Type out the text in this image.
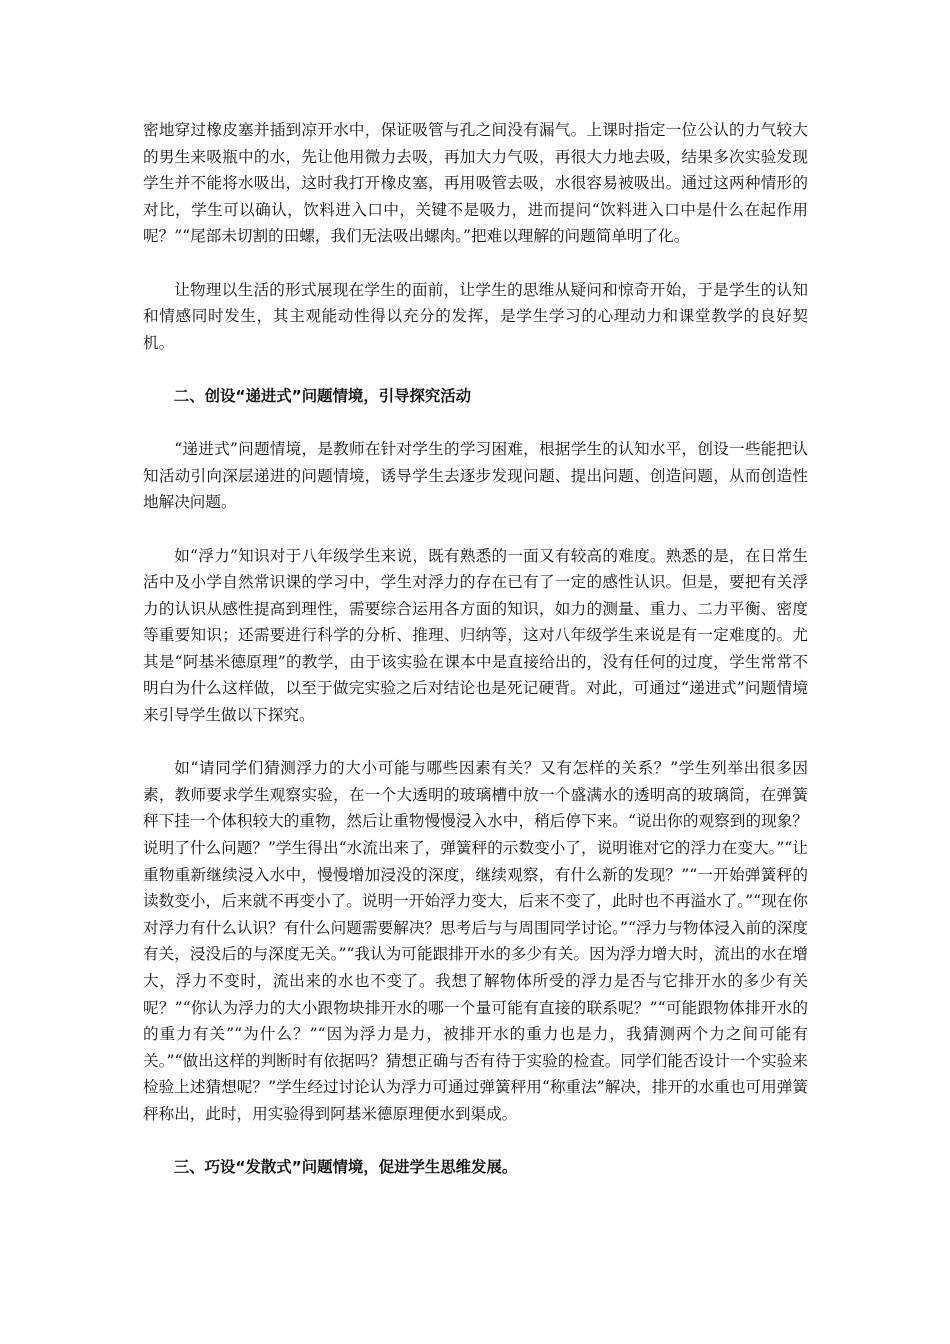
密地穿过橡皮塞并插到凉开水中，保证吸管与孔之间没有漏气。上课时指定一位公认的力气较大的男生来吸瓶中的水，先让他用微力去吸，再加大力气吸，再很大力地去吸，结果多次实验发现学生并不能将水吸出，这时我打开橡皮塞，再用吸管去吸，水很容易被吸出。通过这两种情形的对比，学生可以确认，饮料进入口中，关键不是吸力，进而提问“饮料进入口中是什么在起作用呢？”“尾部未切割的田螺，我们无法吸出螺肉。”把难以理解的问题简单明了化。

让物理以生活的形式展现在学生的面前，让学生的思维从疑问和惊奇开始，于是学生的认知和情感同时发生，其主观能动性得以充分的发挥，是学生学习的心理动力和课堂教学的良好契机。

二、创设“递进式”问题情境，引导探究活动

“递进式”问题情境，是教师在针对学生的学习困难，根据学生的认知水平，创设一些能把认知活动引向深层递进的问题情境，诱导学生去逐步发现问题、提出问题、创造问题，从而创造性地解决问题。

如“浮力”知识对于八年级学生来说，既有熟悉的一面又有较高的难度。熟悉的是，在日常生活中及小学自然常识课的学习中，学生对浮力的存在已有了一定的感性认识。但是，要把有关浮力的认识从感性提高到理性，需要综合运用各方面的知识，如力的测量、重力、二力平衡、密度等重要知识；还需要进行科学的分析、推理、归纳等，这对八年级学生来说是有一定难度的。尤其是“阿基米德原理”的教学，由于该实验在课本中是直接给出的，没有任何的过度，学生常常不明白为什么这样做，以至于做完实验之后对结论也是死记硬背。对此，可通过“递进式”问题情境来引导学生做以下探究。

如“请同学们猜测浮力的大小可能与哪些因素有关？又有怎样的关系？”学生列举出很多因素，教师要求学生观察实验，在一个大透明的玻璃槽中放一个盛满水的透明高的玻璃筒，在弹簧秤下挂一个体积较大的重物，然后让重物慢慢浸入水中，稍后停下来。“说出你的观察到的现象？说明了什么问题？”学生得出“水流出来了，弹簧秤的示数变小了，说明谁对它的浮力在变大。”“让重物重新继续浸入水中，慢慢增加浸没的深度，继续观察，有什么新的发现？”“一开始弹簧秤的读数变小，后来就不再变小了。说明一开始浮力变大，后来不变了，此时也不再溢水了。”“现在你对浮力有什么认识？有什么问题需要解决？思考后与与周围同学讨论。”“浮力与物体浸入前的深度有关，浸没后的与深度无关。”“我认为可能跟排开水的多少有关。因为浮力增大时，流出的水在增大，浮力不变时，流出来的水也不变了。我想了解物体所受的浮力是否与它排开水的多少有关呢？”“你认为浮力的大小跟物块排开水的哪一个量可能有直接的联系呢？”“可能跟物体排开水的的重力有关”“为什么？”“因为浮力是力，被排开水的重力也是力，我猜测两个力之间可能有关。”“做出这样的判断时有依据吗？猜想正确与否有待于实验的检查。同学们能否设计一个实验来检验上述猜想呢？”学生经过讨论认为浮力可通过弹簧秤用“称重法”解决，排开的水重也可用弹簧秤称出，此时，用实验得到阿基米德原理便水到渠成。

三、巧设“发散式”问题情境，促进学生思维发展。
